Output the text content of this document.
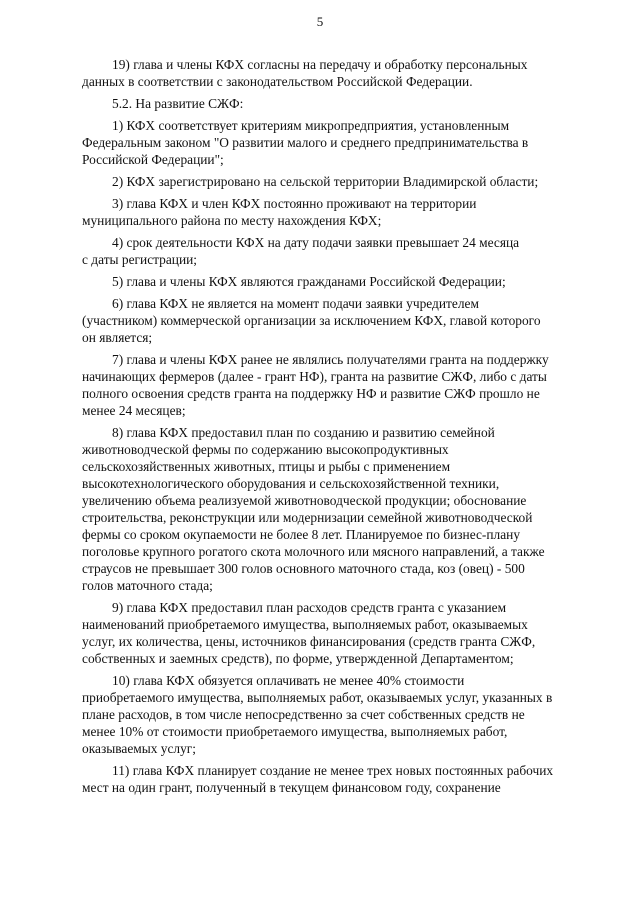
5

19) глава и члены КФХ согласны на передачу и обработку персональных
данных в соответствии с законодательством Российской Федерации.

5.2. На развитие СЖФ:

1) КФХ соответствует критериям микропредприятия, установленным
Федеральным законом "О развитии малого и среднего предпринимательства в
Российской Федерации";

2) КФХ зарегистрировано на сельской территории Владимирской области;

3) глава КФХ и член КФХ постоянно проживают на территории
муниципального района по месту нахождения КФХ;

4) срок деятельности КФХ на дату подачи заявки превышает 24 месяца
с даты регистрации;

5) глава и члены КФХ являются гражданами Российской Федерации;

6) глава КФХ не является на момент подачи заявки учредителем
(участником) коммерческой организации за исключением КФХ, главой которого
он является;

7) глава и члены КФХ ранее не являлись получателями гранта на поддержку
начинающих фермеров (далее - грант НФ), гранта на развитие СЖФ, либо с даты
полного освоения средств гранта на поддержку НФ и развитие СЖФ прошло не
менее 24 месяцев;

8) глава КФХ предоставил план по созданию и развитию семейной
животноводческой фермы по содержанию высокопродуктивных
сельскохозяйственных животных, птицы и рыбы с применением
высокотехнологического оборудования и сельскохозяйственной техники,
увеличению объема реализуемой животноводческой продукции; обоснование
строительства, реконструкции или модернизации семейной животноводческой
фермы со сроком окупаемости не более 8 лет. Планируемое по бизнес-плану
поголовье крупного рогатого скота молочного или мясного направлений, а также
страусов не превышает 300 голов основного маточного стада, коз (овец) - 500
голов маточного стада;

9) глава КФХ предоставил план расходов средств гранта с указанием
наименований приобретаемого имущества, выполняемых работ, оказываемых
услуг, их количества, цены, источников финансирования (средств гранта СЖФ,
собственных и заемных средств), по форме, утвержденной Департаментом;

10) глава КФХ обязуется оплачивать не менее 40% стоимости
приобретаемого имущества, выполняемых работ, оказываемых услуг, указанных в
плане расходов, в том числе непосредственно за счет собственных средств не
менее 10% от стоимости приобретаемого имущества, выполняемых работ,
оказываемых услуг;

11) глава КФХ планирует создание не менее трех новых постоянных рабочих
мест на один грант, полученный в текущем финансовом году, сохранение
